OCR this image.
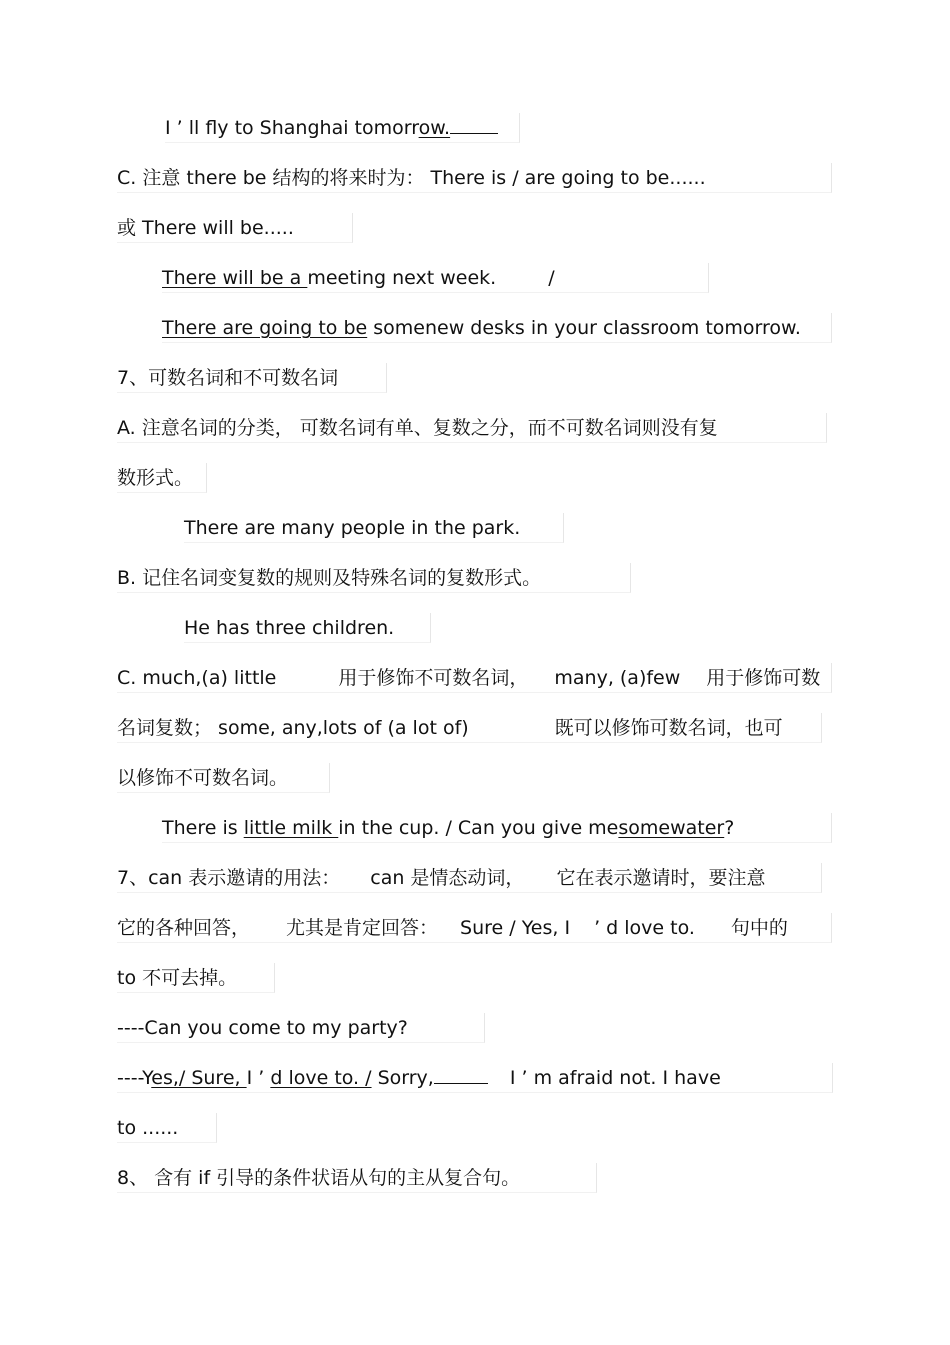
I ’ ll fly to Shanghai tomorrow.
C. 注意 there be 结构的将来时为： There is / are going to be......
或 There will be.....
There will be a meeting next week.	/
There are going to be somenew desks in your classroom tomorrow.
7、可数名词和不可数名词
A. 注意名词的分类， 可数名词有单、复数之分，而不可数名词则没有复
数形式。
There are many people in the park.
B. 记住名词变复数的规则及特殊名词的复数形式。
He has three children.
C. much,(a) little	用于修饰不可数名词， many, (a)few 用于修饰可数
名词复数； some, any,lots of (a lot of)	既可以修饰可数名词，也可
以修饰不可数名词。
There is little milk in the cup. / Can you give mesomewater?
7、can 表示邀请的用法： can 是情态动词， 它在表示邀请时，要注意
它的各种回答， 尤其是肯定回答： Sure / Yes, I ’ d love to. 句中的
to 不可去掉。
----Can you come to my party?
----Yes,/ Sure, I ’ d love to. / Sorry,	I ’ m afraid not. I have
to ......
8、 含有 if 引导的条件状语从句的主从复合句。
